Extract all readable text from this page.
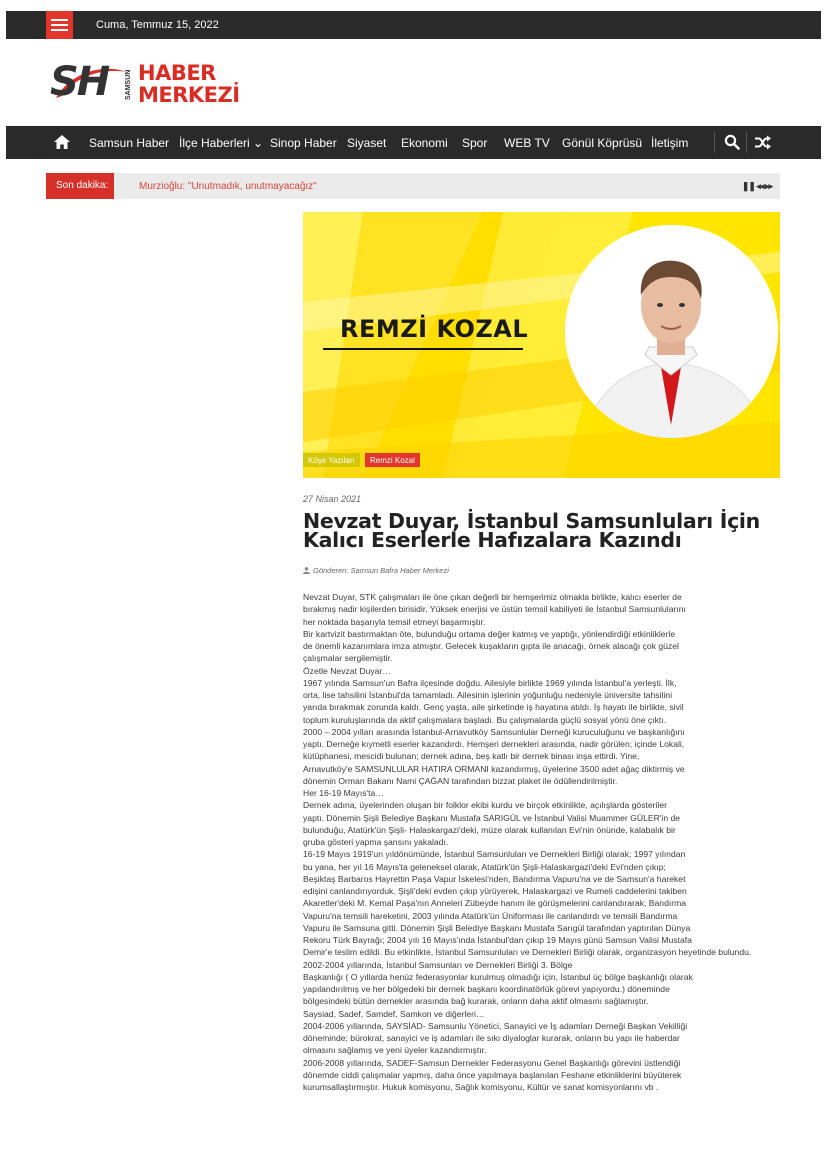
Cuma, Temmuz 15, 2022
SH SAMSUN HABER
MERKEZİ
Samsun Haber İlçe Haberleri ⌄ Sinop Haber Siyaset Ekonomi Spor WEB TV Gönül Köprüsü İletişim
Son dakika:	Murzioğlu: "Unutmadık, unutmayacağız"	❚❚ ◂◂ ▸▸
REMZİ KOZAL
Köşe Yazıları	Remzi Kozal
27 Nisan 2021
Nevzat Duyar, İstanbul Samsunluları İçin
Kalıcı Eserlerle Hafızalara Kazındı
Gönderen: Samsun Bafra Haber Merkezi

Nevzat Duyar, STK çalışmaları ile öne çıkan değerli bir hemşerimiz olmakla birlikte, kalıcı eserler de

bırakmış nadir kişilerden birisidir. Yüksek enerjisi ve üstün temsil kabiliyeti ile İstanbul Samsunlularını

her noktada başarıyla temsil etmeyi başarmıştır.

Bir kartvizit bastırmaktan öte, bulunduğu ortama değer katmış ve yaptığı, yönlendirdiği etkinliklerle

de önemli kazanımlara imza atmıştır. Gelecek kuşakların gıpta ile anacağı, örnek alacağı çok güzel

çalışmalar sergilemiştir.

Özetle Nevzat Duyar…

1967 yılında Samsun'un Bafra ilçesinde doğdu. Ailesiyle birlikte 1969 yılında İstanbul'a yerleşti. İlk,

orta, lise tahsilini İstanbul'da tamamladı. Ailesinin işlerinin yoğunluğu nedeniyle üniversite tahsilini

yarıda bırakmak zorunda kaldı. Genç yaşta, aile şirketinde iş hayatına atıldı. İş hayatı ile birlikte, sivil

toplum kuruluşlarında da aktif çalışmalara başladı. Bu çalışmalarda güçlü sosyal yönü öne çıktı.

2000 – 2004 yılları arasında İstanbul-Arnavutköy Samsunlular Derneği kuruculuğunu ve başkanlığını

yaptı. Derneğe kıymetli eserler kazandırdı. Hemşeri dernekleri arasında, nadir görülen; içinde Lokali,

kütüphanesi, mescidi bulunan; dernek adına, beş katlı bir dernek binası inşa ettirdi. Yine,

Arnavutköy'e SAMSUNLULAR HATIRA ORMANI kazandırmış, üyelerine 3500 adet ağaç diktirmiş ve

dönemin Orman Bakanı Nami ÇAĞAN tarafından bizzat plaket ile ödüllendirilmiştir.

Her 16-19 Mayıs'ta…

Dernek adına, üyelerinden oluşan bir folklor ekibi kurdu ve birçok etkinlikte, açılışlarda gösteriler

yaptı. Dönemin Şişli Belediye Başkanı Mustafa SARIGÜL ve İstanbul Valisi Muammer GÜLER'in de

bulunduğu, Atatürk'ün Şişli- Halaskargazi'deki, müze olarak kullanılan Evi'nin önünde, kalabalık bir

gruba gösteri yapma şansını yakaladı.

16-19 Mayıs 1919'un yıldönümünde, İstanbul Samsunluları ve Dernekleri Birliği olarak; 1997 yılından

bu yana, her yıl 16 Mayıs'ta geleneksel olarak, Atatürk'ün Şişli-Halaskargazi'deki Evi'nden çıkıp;

Beşiktaş Barbaros Hayrettin Paşa Vapur İskelesi'nden, Bandırma Vapuru'na ve de Samsun'a hareket

edişini canlandırıyorduk. Şişli'deki evden çıkıp yürüyerek, Halaskargazi ve Rumeli caddelerini takiben

Akaretler'deki M. Kemal Paşa'nın Anneleri Zübeyde hanım ile görüşmelerini canlandırarak, Bandırma

Vapuru'na temsili hareketini, 2003 yılında Atatürk'ün Üniforması ile canlandırdı ve temsili Bandırma

Vapuru ile Samsuna gitti. Dönemin Şişli Belediye Başkanı Mustafa Sarıgül tarafından yaptırılan Dünya

Rekoru Türk Bayrağı; 2004 yılı 16 Mayıs'ında İstanbul'dan çıkıp 19 Mayıs günü Samsun Valisi Mustafa

Demir'e teslim edildi. Bu etkinlikte, İstanbul Samsunluları ve Dernekleri Birliği olarak, organizasyon heyetinde bulundu.

2002-2004 yıllarında, İstanbul Samsunları ve Dernekleri Birliği 3. Bölge

Başkanlığı ( O yıllarda henüz federasyonlar kurulmuş olmadığı için, İstanbul üç bölge başkanlığı olarak

yapılandırılmış ve her bölgedeki bir dernek başkanı koordinatörlük görevi yapıyordu.) döneminde

bölgesindeki bütün dernekler arasında bağ kurarak, onların daha aktif olmasını sağlamıştır.

Saysiad, Sadef, Samdef, Samkon ve diğerleri…

2004-2006 yıllarında, SAYSİAD- Samsunlu Yönetici, Sanayici ve İş adamları Derneği Başkan Vekilliği

döneminde; bürokrat, sanayici ve iş adamları ile sıkı diyaloglar kurarak, onların bu yapı ile haberdar

olmasını sağlamış ve yeni üyeler kazandırmıştır.

2006-2008 yıllarında, SADEF-Samsun Dernekler Federasyonu Genel Başkanlığı görevini üstlendiği

dönemde ciddi çalışmalar yapmış, daha önce yapılmaya başlanılan Feshane etkinliklerini büyüterek

kurumsallaştırmıştır. Hukuk komisyonu, Sağlık komisyonu, Kültür ve sanat komisyonlarını vb .
